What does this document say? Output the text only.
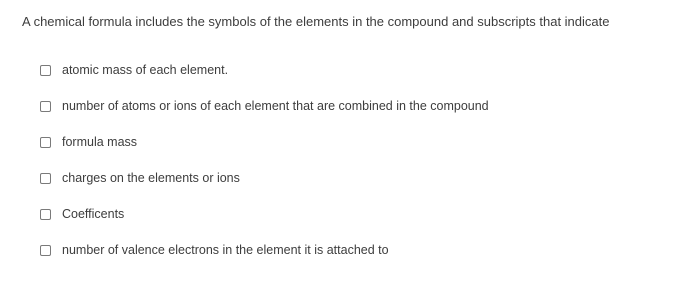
A chemical formula includes the symbols of the elements in the compound and subscripts that indicate
atomic mass of each element.
number of atoms or ions of each element that are combined in the compound
formula mass
charges on the elements or ions
Coefficents
number of valence electrons in the element it is attached to
